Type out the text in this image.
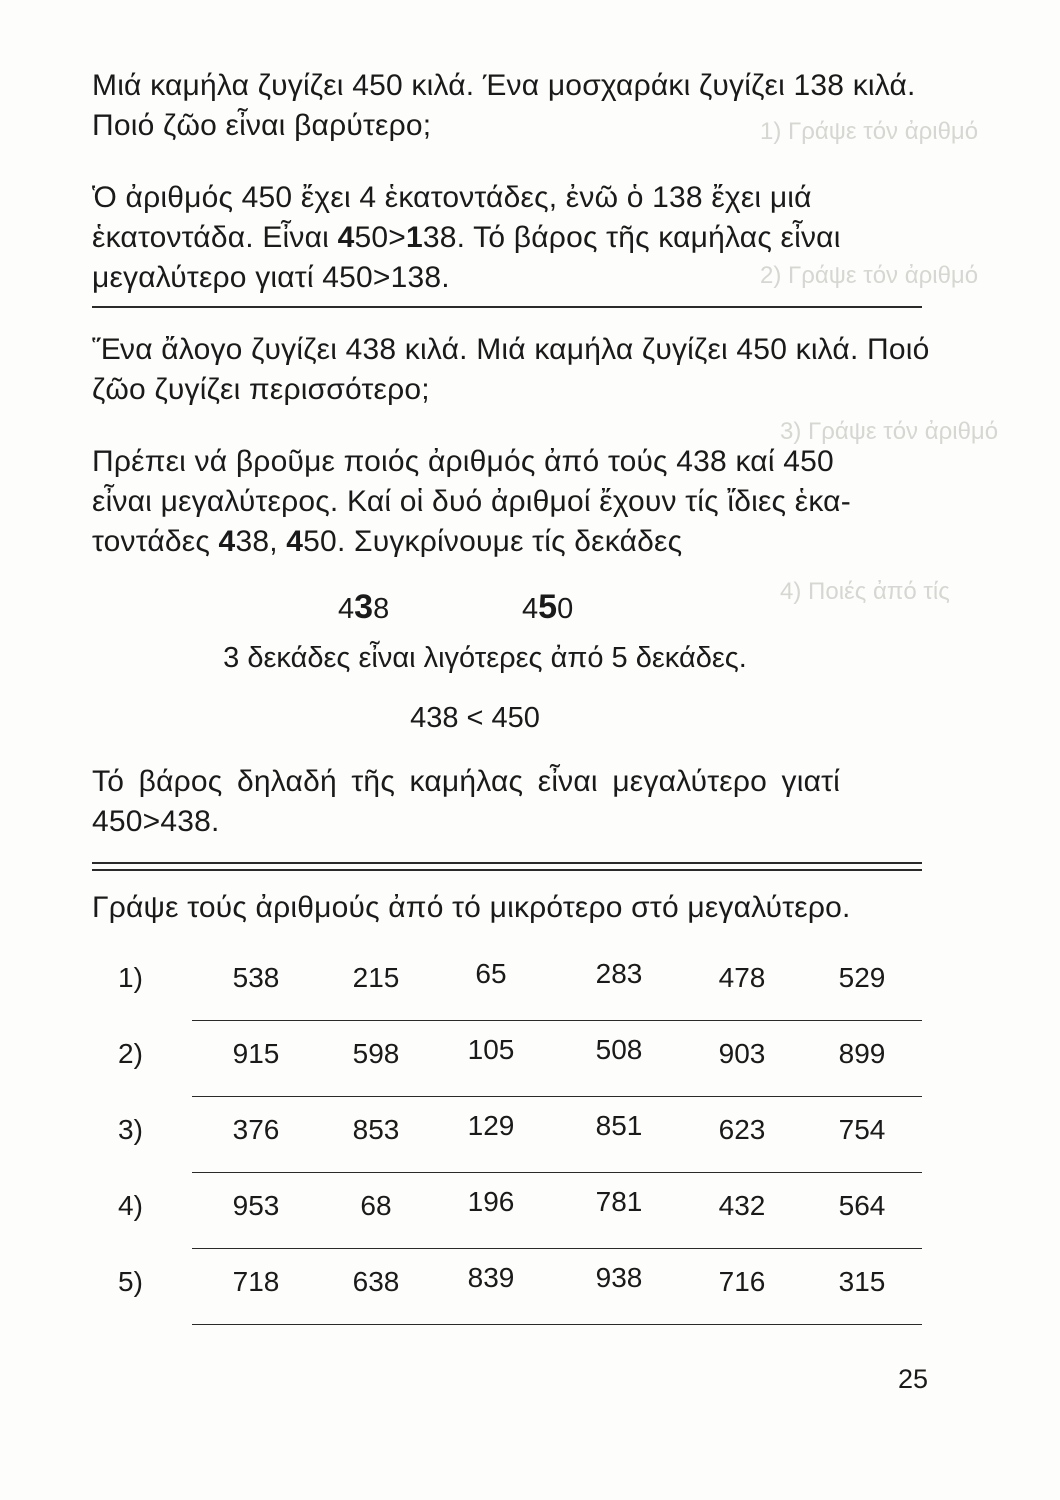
1) Γράψε τόν ἀριθμό
2) Γράψε τόν ἀριθμό
3) Γράψε τόν ἀριθμό
4) Ποιές ἀπό τίς

Μιά καμήλα ζυγίζει 450 κιλά. Ένα μοσχαράκι ζυγίζει 138 κιλά. Ποιό ζῶο εἶναι βαρύτερο;

Ὁ ἀριθμός 450 ἔχει 4 ἑκατοντάδες, ἐνῶ ὁ 138 ἔχει μιά

ἑκατοντάδα. Εἶναι 450>138. Τό βάρος τῆς καμήλας εἶναι

μεγαλύτερο γιατί 450>138.

Ἕνα ἄλογο ζυγίζει 438 κιλά. Μιά καμήλα ζυγίζει 450 κιλά. Ποιό ζῶο ζυγίζει περισσότερο;

Πρέπει νά βροῦμε ποιός ἀριθμός ἀπό τούς 438 καί 450

εἶναι μεγαλύτερος. Καί οἱ δυό ἀριθμοί ἔχουν τίς ἴδιες ἑκα-

τοντάδες 438, 450. Συγκρίνουμε τίς δεκάδες

438	450
3 δεκάδες εἶναι λιγότερες ἀπό 5 δεκάδες.
438 < 450

Τό βάρος δηλαδή τῆς καμήλας εἶναι μεγαλύτερο γιατί 450>438.

Γράψε τούς ἀριθμούς ἀπό τό μικρότερο στό μεγαλύτερο.

1)	538	215	65	283	478	529
2)	915	598	105	508	903	899
3)	376	853	129	851	623	754
4)	953	68	196	781	432	564
5)	718	638	839	938	716	315
25
